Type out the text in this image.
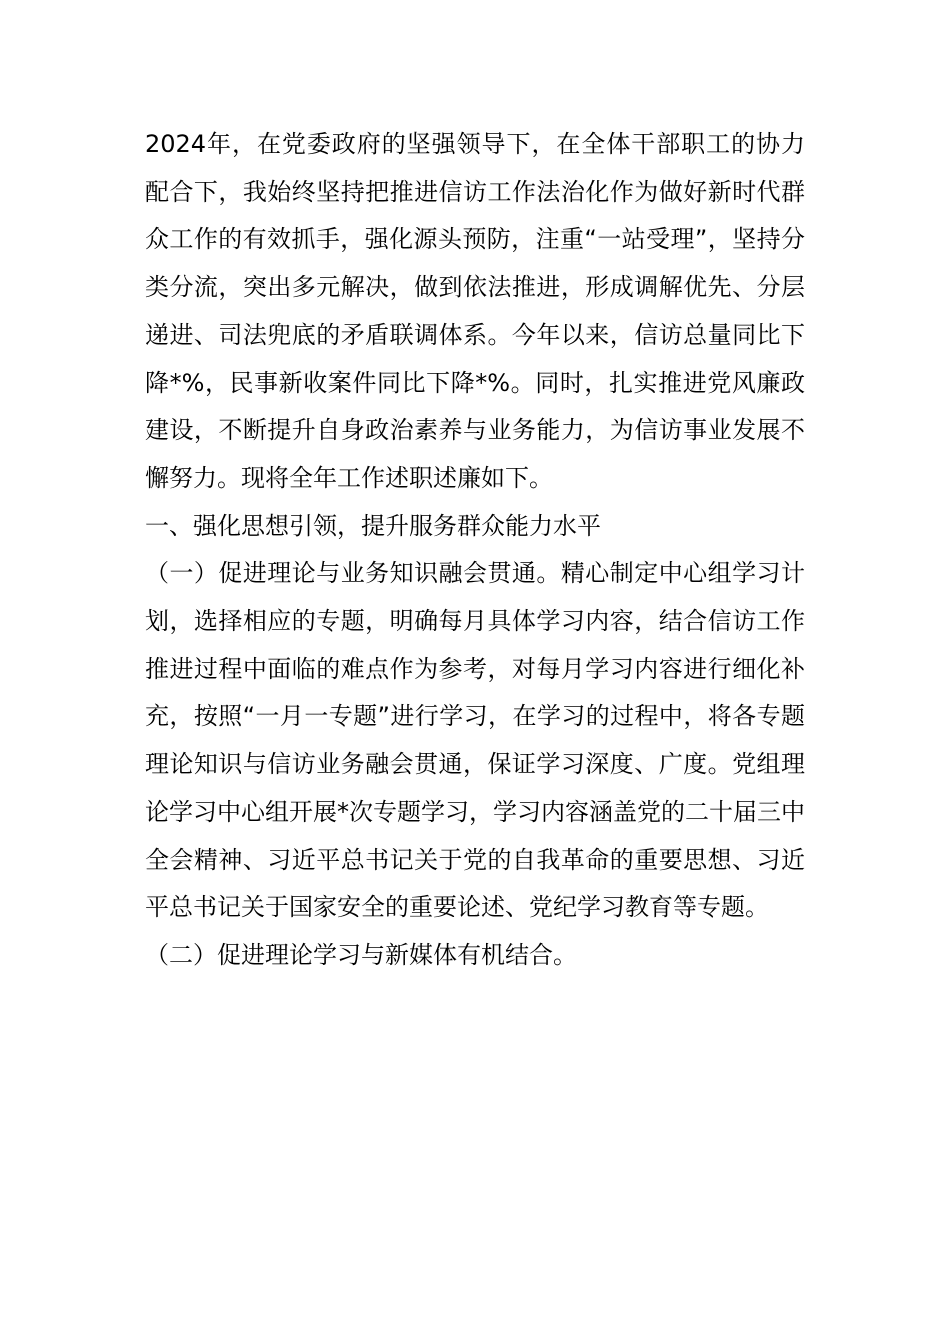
2024年，在党委政府的坚强领导下，在全体干部职工的协力配合下，我始终坚持把推进信访工作法治化作为做好新时代群众工作的有效抓手，强化源头预防，注重“一站受理”，坚持分类分流，突出多元解决，做到依法推进，形成调解优先、分层递进、司法兜底的矛盾联调体系。今年以来，信访总量同比下降*%，民事新收案件同比下降*%。同时，扎实推进党风廉政建设，不断提升自身政治素养与业务能力，为信访事业发展不懈努力。现将全年工作述职述廉如下。

一、强化思想引领，提升服务群众能力水平

（一）促进理论与业务知识融会贯通。精心制定中心组学习计划，选择相应的专题，明确每月具体学习内容，结合信访工作推进过程中面临的难点作为参考，对每月学习内容进行细化补充，按照“一月一专题”进行学习，在学习的过程中，将各专题理论知识与信访业务融会贯通，保证学习深度、广度。党组理论学习中心组开展*次专题学习，学习内容涵盖党的二十届三中全会精神、习近平总书记关于党的自我革命的重要思想、习近平总书记关于国家安全的重要论述、党纪学习教育等专题。

（二）促进理论学习与新媒体有机结合。
